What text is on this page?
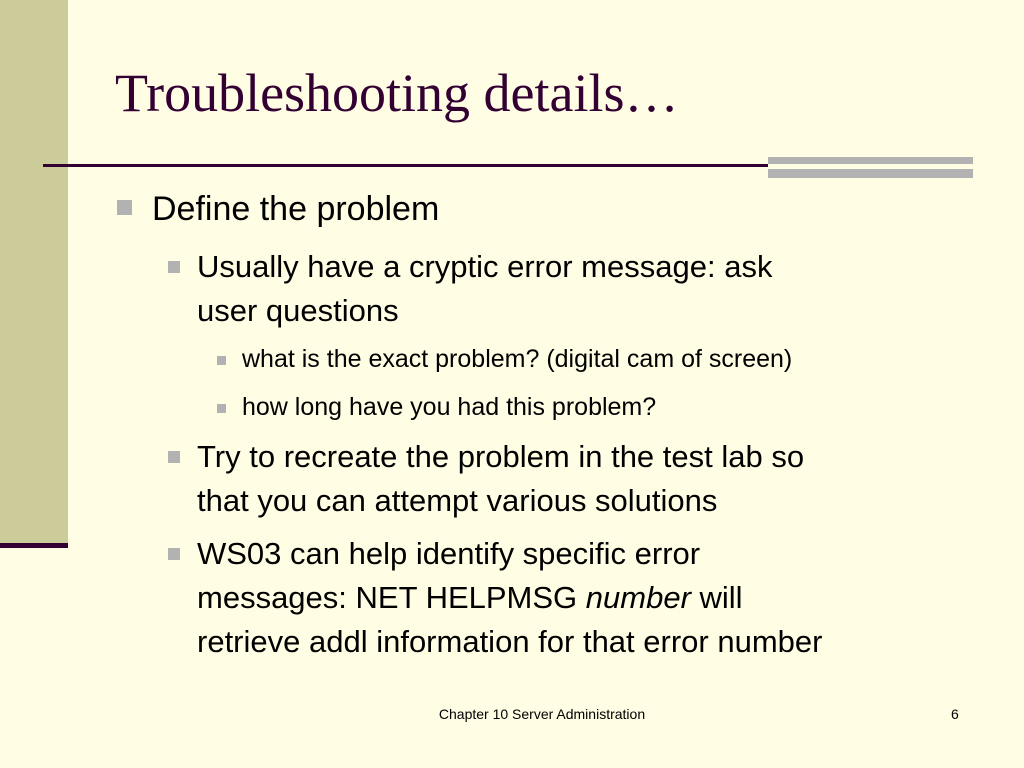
Troubleshooting details…
Define the problem
Usually have a cryptic error message: ask
user questions
what is the exact problem? (digital cam of screen)
how long have you had this problem?
Try to recreate the problem in the test lab so
that you can attempt various solutions
WS03 can help identify specific error
messages: NET HELPMSG number will
retrieve addl information for that error number
Chapter 10 Server Administration	6
